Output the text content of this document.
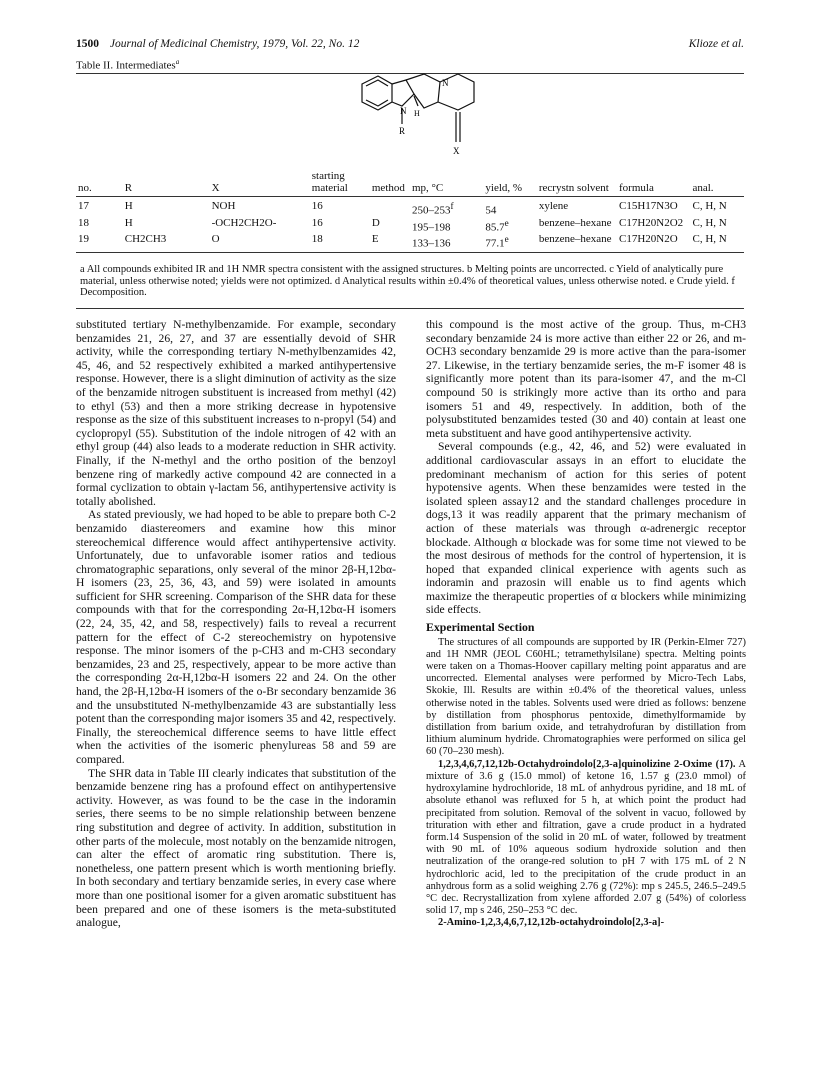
1500 Journal of Medicinal Chemistry, 1979, Vol. 22, No. 12	Klioze et al.
Table II. Intermediates$^a$
N
N
H
R
X
no.	R	X	starting material	method	mp, °C	yield, %	recrystn solvent	formula	anal.
17	H	NOH	16		250–253$^f$	54	xylene	C15H17N3O	C, H, N
18	H	-OCH2CH2O-	16	D	195–198	85.7e	benzene–hexane	C17H20N2O2	C, H, N
19	CH2CH3	O	18	E	133–136	77.1e	benzene–hexane	C17H20N2O	C, H, N
a All compounds exhibited IR and 1H NMR spectra consistent with the assigned structures. b Melting points are uncorrected. c Yield of analytically pure material, unless otherwise noted; yields were not optimized. d Analytical results within ±0.4% of theoretical values, unless otherwise noted. e Crude yield. f Decomposition.

substituted tertiary N-methylbenzamide. For example, secondary benzamides 21, 26, 27, and 37 are essentially devoid of SHR activity, while the corresponding tertiary N-methylbenzamides 42, 45, 46, and 52 respectively exhibited a marked antihypertensive response. However, there is a slight diminution of activity as the size of the benzamide nitrogen substituent is increased from methyl (42) to ethyl (53) and then a more striking decrease in hypotensive response as the size of this substituent increases to n-propyl (54) and cyclopropyl (55). Substitution of the indole nitrogen of 42 with an ethyl group (44) also leads to a moderate reduction in SHR activity. Finally, if the N-methyl and the ortho position of the benzoyl benzene ring of markedly active compound 42 are connected in a formal cyclization to obtain γ-lactam 56, antihypertensive activity is totally abolished.

As stated previously, we had hoped to be able to prepare both C-2 benzamido diastereomers and examine how this minor stereochemical difference would affect antihypertensive activity. Unfortunately, due to unfavorable isomer ratios and tedious chromatographic separations, only several of the minor 2β-H,12bα-H isomers (23, 25, 36, 43, and 59) were isolated in amounts sufficient for SHR screening. Comparison of the SHR data for these compounds with that for the corresponding 2α-H,12bα-H isomers (22, 24, 35, 42, and 58, respectively) fails to reveal a recurrent pattern for the effect of C-2 stereochemistry on hypotensive response. The minor isomers of the p-CH3 and m-CH3 secondary benzamides, 23 and 25, respectively, appear to be more active than the corresponding 2α-H,12bα-H isomers 22 and 24. On the other hand, the 2β-H,12bα-H isomers of the o-Br secondary benzamide 36 and the unsubstituted N-methylbenzamide 43 are substantially less potent than the corresponding major isomers 35 and 42, respectively. Finally, the stereochemical difference seems to have little effect when the activities of the isomeric phenylureas 58 and 59 are compared.

The SHR data in Table III clearly indicates that substitution of the benzamide benzene ring has a profound effect on antihypertensive activity. However, as was found to be the case in the indoramin series, there seems to be no simple relationship between benzene ring substitution and degree of activity. In addition, substitution in other parts of the molecule, most notably on the benzamide nitrogen, can alter the effect of aromatic ring substitution. There is, nonetheless, one pattern present which is worth mentioning briefly. In both secondary and tertiary benzamide series, in every case where more than one positional isomer for a given aromatic substituent has been prepared and one of these isomers is the meta-substituted analogue,

this compound is the most active of the group. Thus, m-CH3 secondary benzamide 24 is more active than either 22 or 26, and m-OCH3 secondary benzamide 29 is more active than the para-isomer 27. Likewise, in the tertiary benzamide series, the m-F isomer 48 is significantly more potent than its para-isomer 47, and the m-Cl compound 50 is strikingly more active than its ortho and para isomers 51 and 49, respectively. In addition, both of the polysubstituted benzamides tested (30 and 40) contain at least one meta substituent and have good antihypertensive activity.

Several compounds (e.g., 42, 46, and 52) were evaluated in additional cardiovascular assays in an effort to elucidate the predominant mechanism of action for this series of potent hypotensive agents. When these benzamides were tested in the isolated spleen assay12 and the standard challenges procedure in dogs,13 it was readily apparent that the primary mechanism of action of these materials was through α-adrenergic receptor blockade. Although α blockade was for some time not viewed to be the most desirous of methods for the control of hypertension, it is hoped that expanded clinical experience with agents such as indoramin and prazosin will enable us to find agents which maximize the therapeutic properties of α blockers while minimizing side effects.

Experimental Section

The structures of all compounds are supported by IR (Perkin-Elmer 727) and 1H NMR (JEOL C60HL; tetramethylsilane) spectra. Melting points were taken on a Thomas-Hoover capillary melting point apparatus and are uncorrected. Elemental analyses were performed by Micro-Tech Labs, Skokie, Ill. Results are within ±0.4% of the theoretical values, unless otherwise noted in the tables. Solvents used were dried as follows: benzene by distillation from phosphorus pentoxide, dimethylformamide by distillation from barium oxide, and tetrahydrofuran by distillation from lithium aluminum hydride. Chromatographies were performed on silica gel 60 (70–230 mesh).

1,2,3,4,6,7,12,12b-Octahydroindolo[2,3-a]quinolizine 2-Oxime (17). A mixture of 3.6 g (15.0 mmol) of ketone 16, 1.57 g (23.0 mmol) of hydroxylamine hydrochloride, 18 mL of anhydrous pyridine, and 18 mL of absolute ethanol was refluxed for 5 h, at which point the product had precipitated from solution. Removal of the solvent in vacuo, followed by trituration with ether and filtration, gave a crude product in a hydrated form.14 Suspension of the solid in 20 mL of water, followed by treatment with 90 mL of 10% aqueous sodium hydroxide solution and then neutralization of the orange-red solution to pH 7 with 175 mL of 2 N hydrochloric acid, led to the precipitation of the crude product in an anhydrous form as a solid weighing 2.76 g (72%): mp s 245.5, 246.5–249.5 °C dec. Recrystallization from xylene afforded 2.07 g (54%) of colorless solid 17, mp s 246, 250–253 °C dec.

2-Amino-1,2,3,4,6,7,12,12b-octahydroindolo[2,3-a]-
